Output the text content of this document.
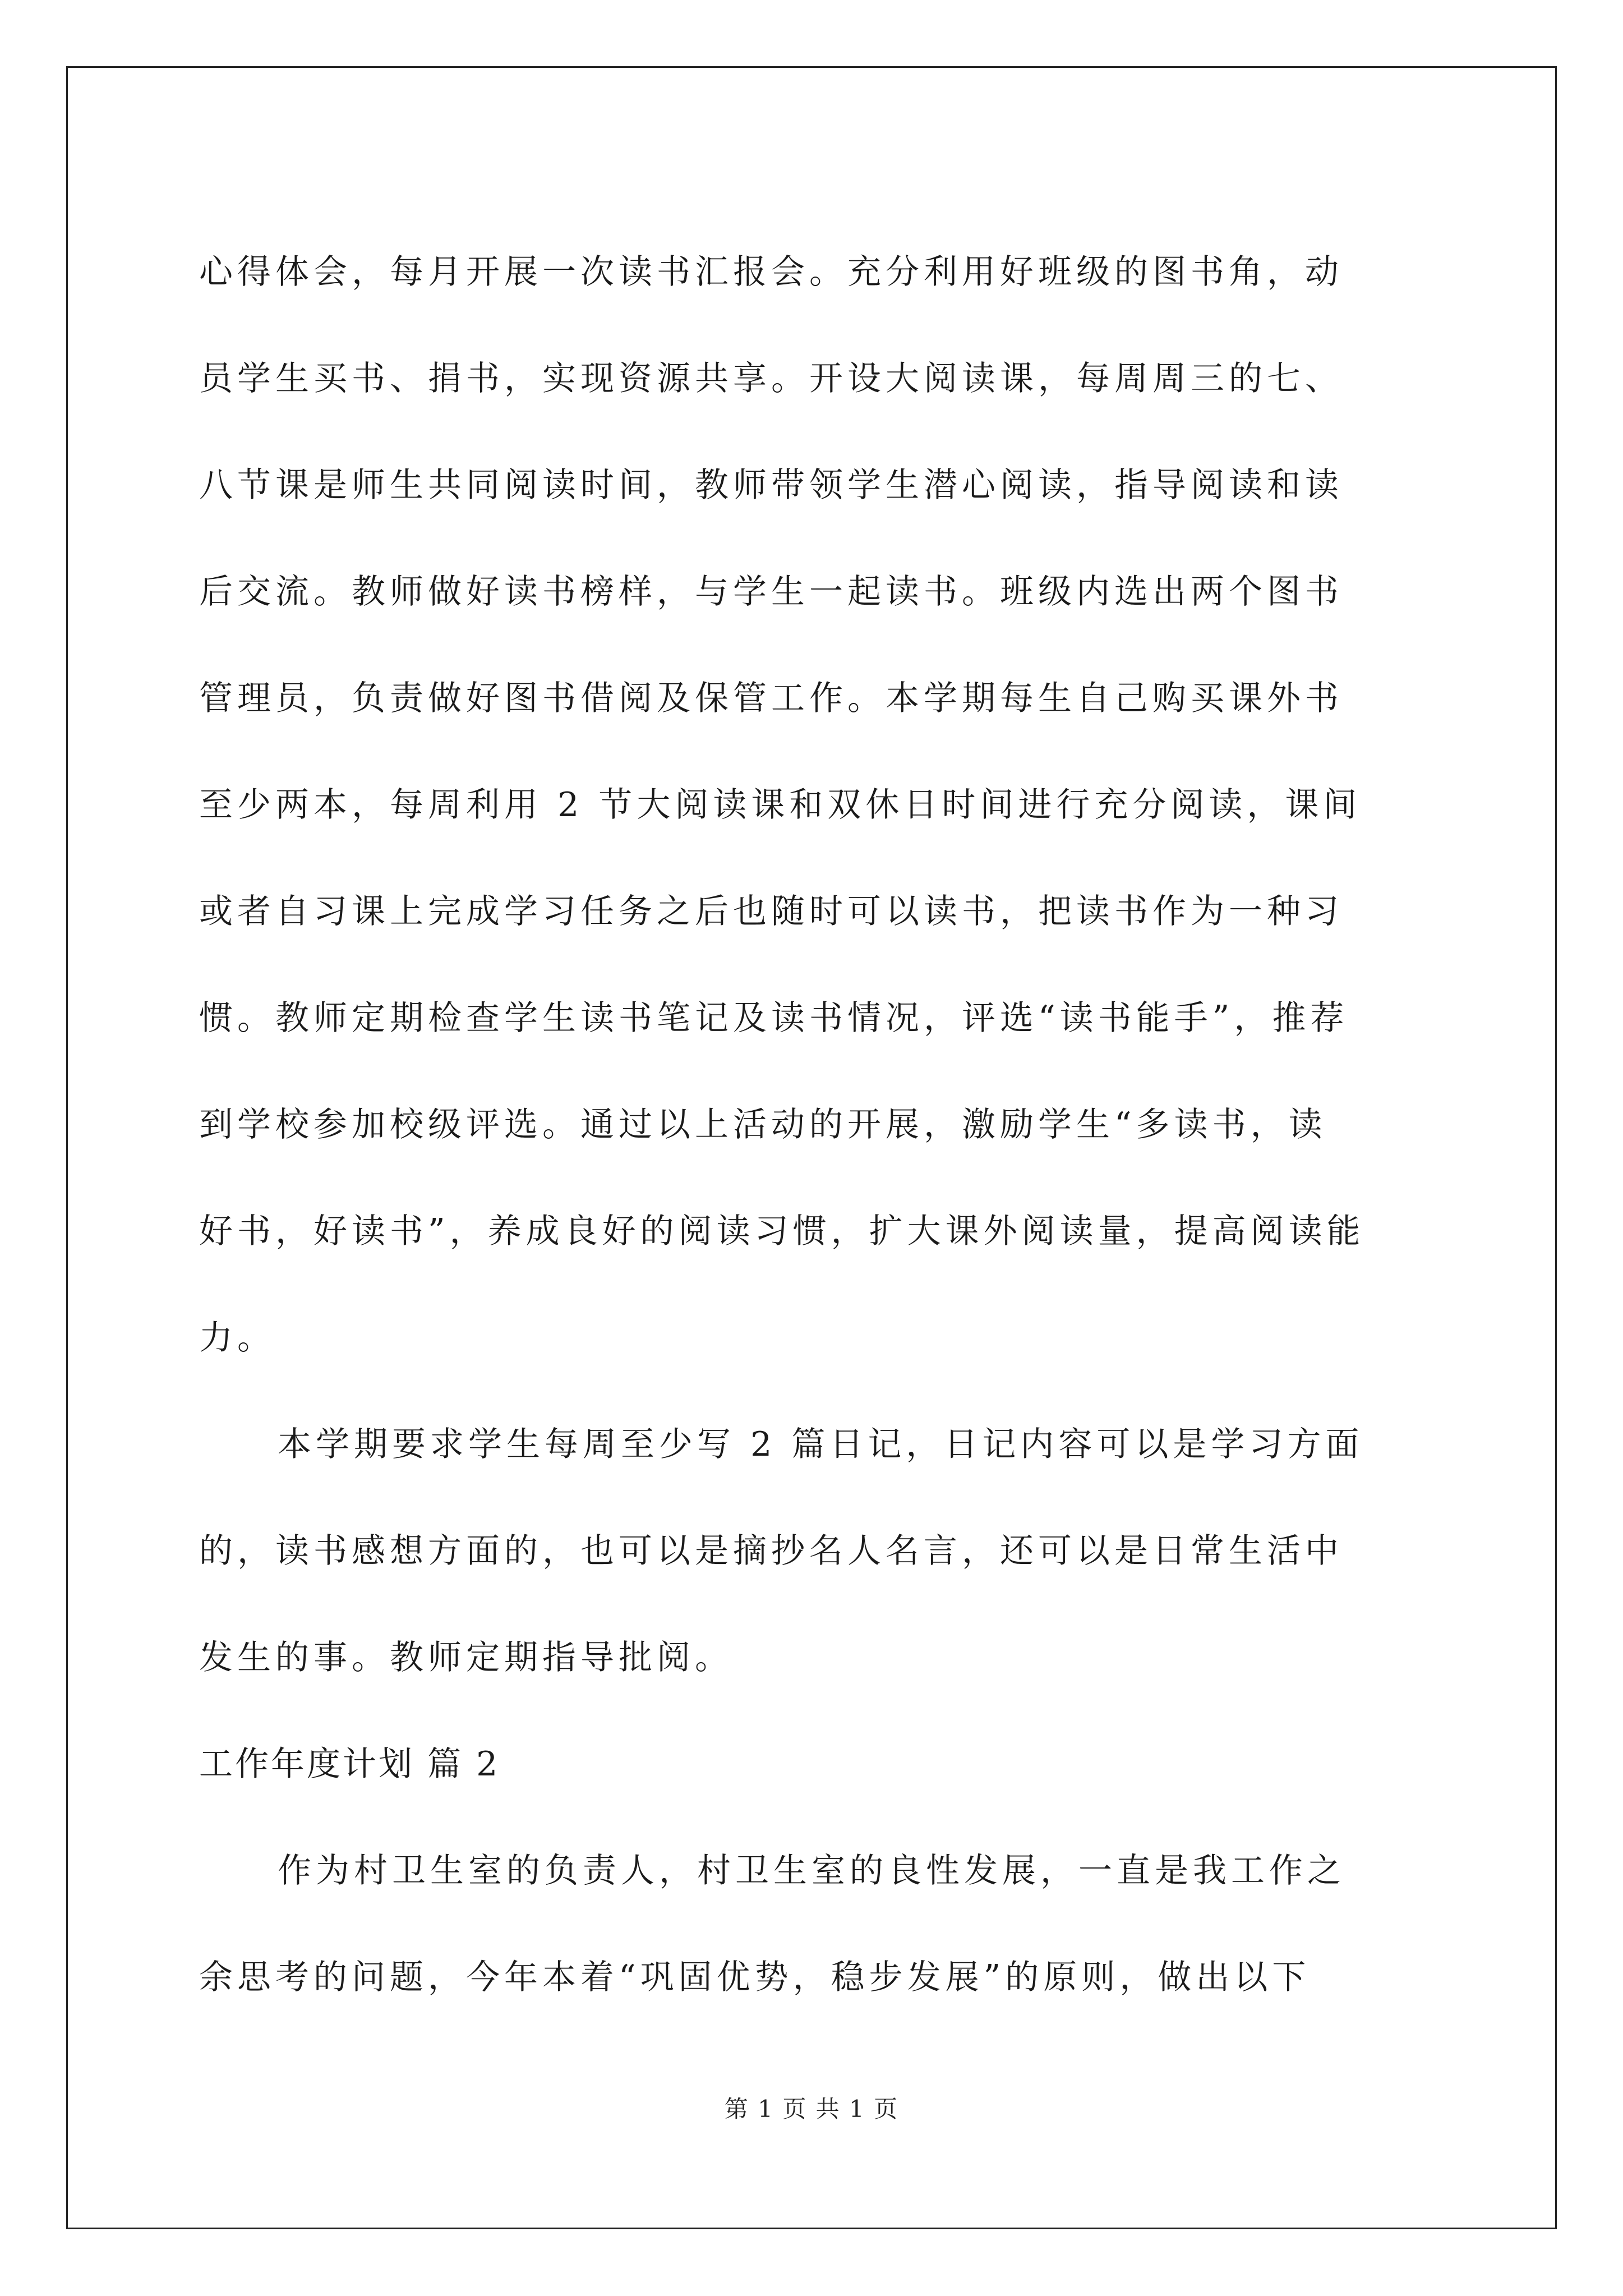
心得体会，每月开展一次读书汇报会。充分利用好班级的图书角，动
员学生买书、捐书，实现资源共享。开设大阅读课，每周周三的七、
八节课是师生共同阅读时间，教师带领学生潜心阅读，指导阅读和读
后交流。教师做好读书榜样，与学生一起读书。班级内选出两个图书
管理员，负责做好图书借阅及保管工作。本学期每生自己购买课外书
至少两本，每周利用 2 节大阅读课和双休日时间进行充分阅读，课间
或者自习课上完成学习任务之后也随时可以读书，把读书作为一种习
惯。教师定期检查学生读书笔记及读书情况，评选“读书能手”，推荐
到学校参加校级评选。通过以上活动的开展，激励学生“多读书，读
好书，好读书”，养成良好的阅读习惯，扩大课外阅读量，提高阅读能
力。
本学期要求学生每周至少写 2 篇日记，日记内容可以是学习方面
的，读书感想方面的，也可以是摘抄名人名言，还可以是日常生活中
发生的事。教师定期指导批阅。
工作年度计划 篇 2
作为村卫生室的负责人，村卫生室的良性发展，一直是我工作之
余思考的问题，今年本着“巩固优势，稳步发展”的原则，做出以下
第 1 页 共 1 页
